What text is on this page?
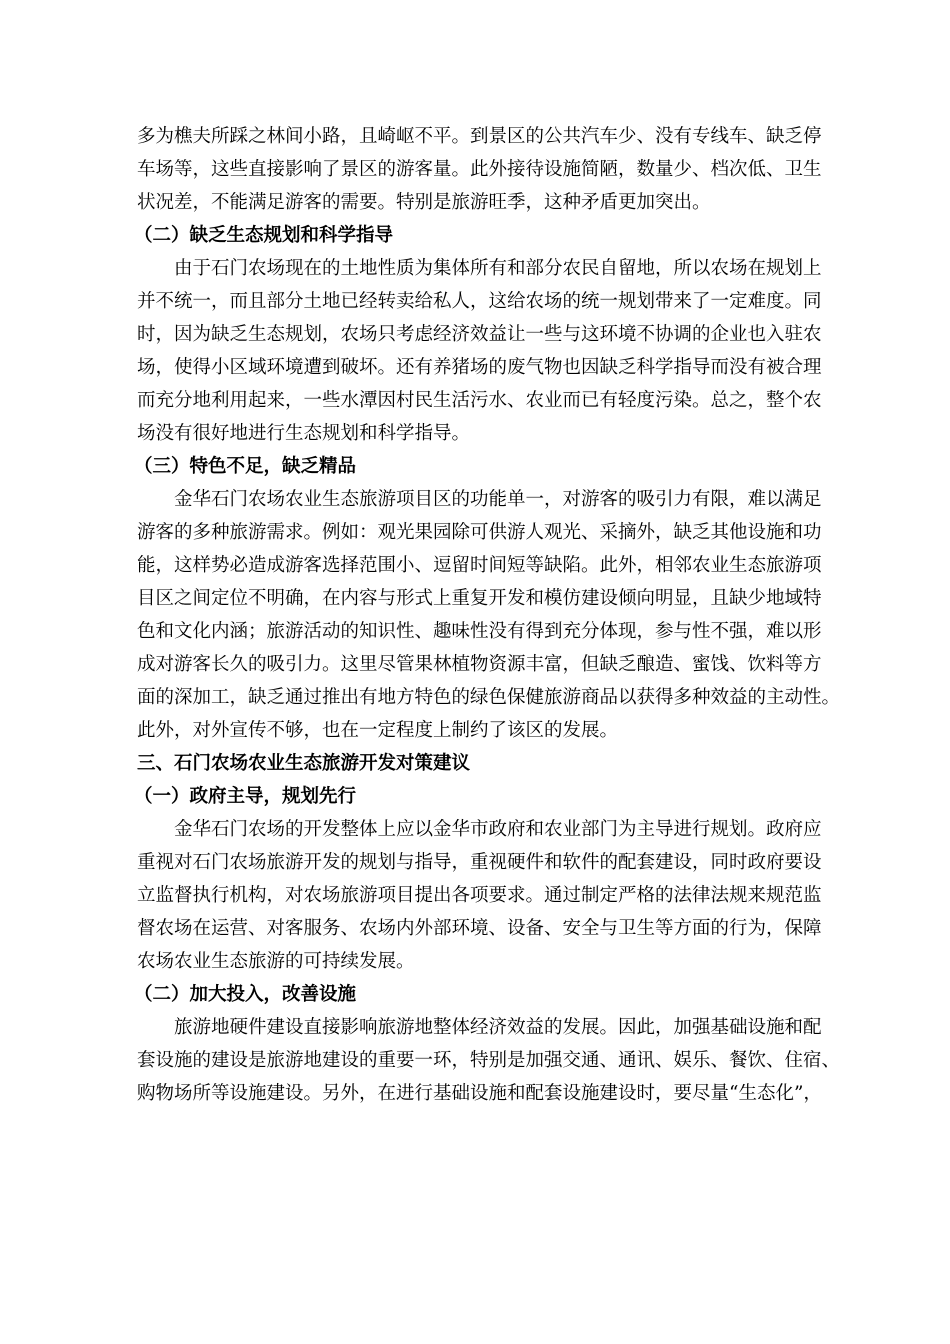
多为樵夫所踩之林间小路，且崎岖不平。到景区的公共汽车少、没有专线车、缺乏停
车场等，这些直接影响了景区的游客量。此外接待设施简陋，数量少、档次低、卫生
状况差，不能满足游客的需要。特别是旅游旺季，这种矛盾更加突出。

（二）缺乏生态规划和科学指导

由于石门农场现在的土地性质为集体所有和部分农民自留地，所以农场在规划上
并不统一，而且部分土地已经转卖给私人，这给农场的统一规划带来了一定难度。同
时，因为缺乏生态规划，农场只考虑经济效益让一些与这环境不协调的企业也入驻农
场，使得小区域环境遭到破坏。还有养猪场的废气物也因缺乏科学指导而没有被合理
而充分地利用起来，一些水潭因村民生活污水、农业而已有轻度污染。总之，整个农
场没有很好地进行生态规划和科学指导。

（三）特色不足，缺乏精品

金华石门农场农业生态旅游项目区的功能单一，对游客的吸引力有限，难以满足
游客的多种旅游需求。例如：观光果园除可供游人观光、采摘外，缺乏其他设施和功
能，这样势必造成游客选择范围小、逗留时间短等缺陷。此外，相邻农业生态旅游项
目区之间定位不明确，在内容与形式上重复开发和模仿建设倾向明显，且缺少地域特
色和文化内涵；旅游活动的知识性、趣味性没有得到充分体现，参与性不强，难以形
成对游客长久的吸引力。这里尽管果林植物资源丰富，但缺乏酿造、蜜饯、饮料等方
面的深加工，缺乏通过推出有地方特色的绿色保健旅游商品以获得多种效益的主动性。
此外，对外宣传不够，也在一定程度上制约了该区的发展。

三、石门农场农业生态旅游开发对策建议

（一）政府主导，规划先行

金华石门农场的开发整体上应以金华市政府和农业部门为主导进行规划。政府应
重视对石门农场旅游开发的规划与指导，重视硬件和软件的配套建设，同时政府要设
立监督执行机构，对农场旅游项目提出各项要求。通过制定严格的法律法规来规范监
督农场在运营、对客服务、农场内外部环境、设备、安全与卫生等方面的行为，保障
农场农业生态旅游的可持续发展。

（二）加大投入，改善设施

旅游地硬件建设直接影响旅游地整体经济效益的发展。因此，加强基础设施和配
套设施的建设是旅游地建设的重要一环，特别是加强交通、通讯、娱乐、餐饮、住宿、
购物场所等设施建设。另外，在进行基础设施和配套设施建设时，要尽量“生态化”，
